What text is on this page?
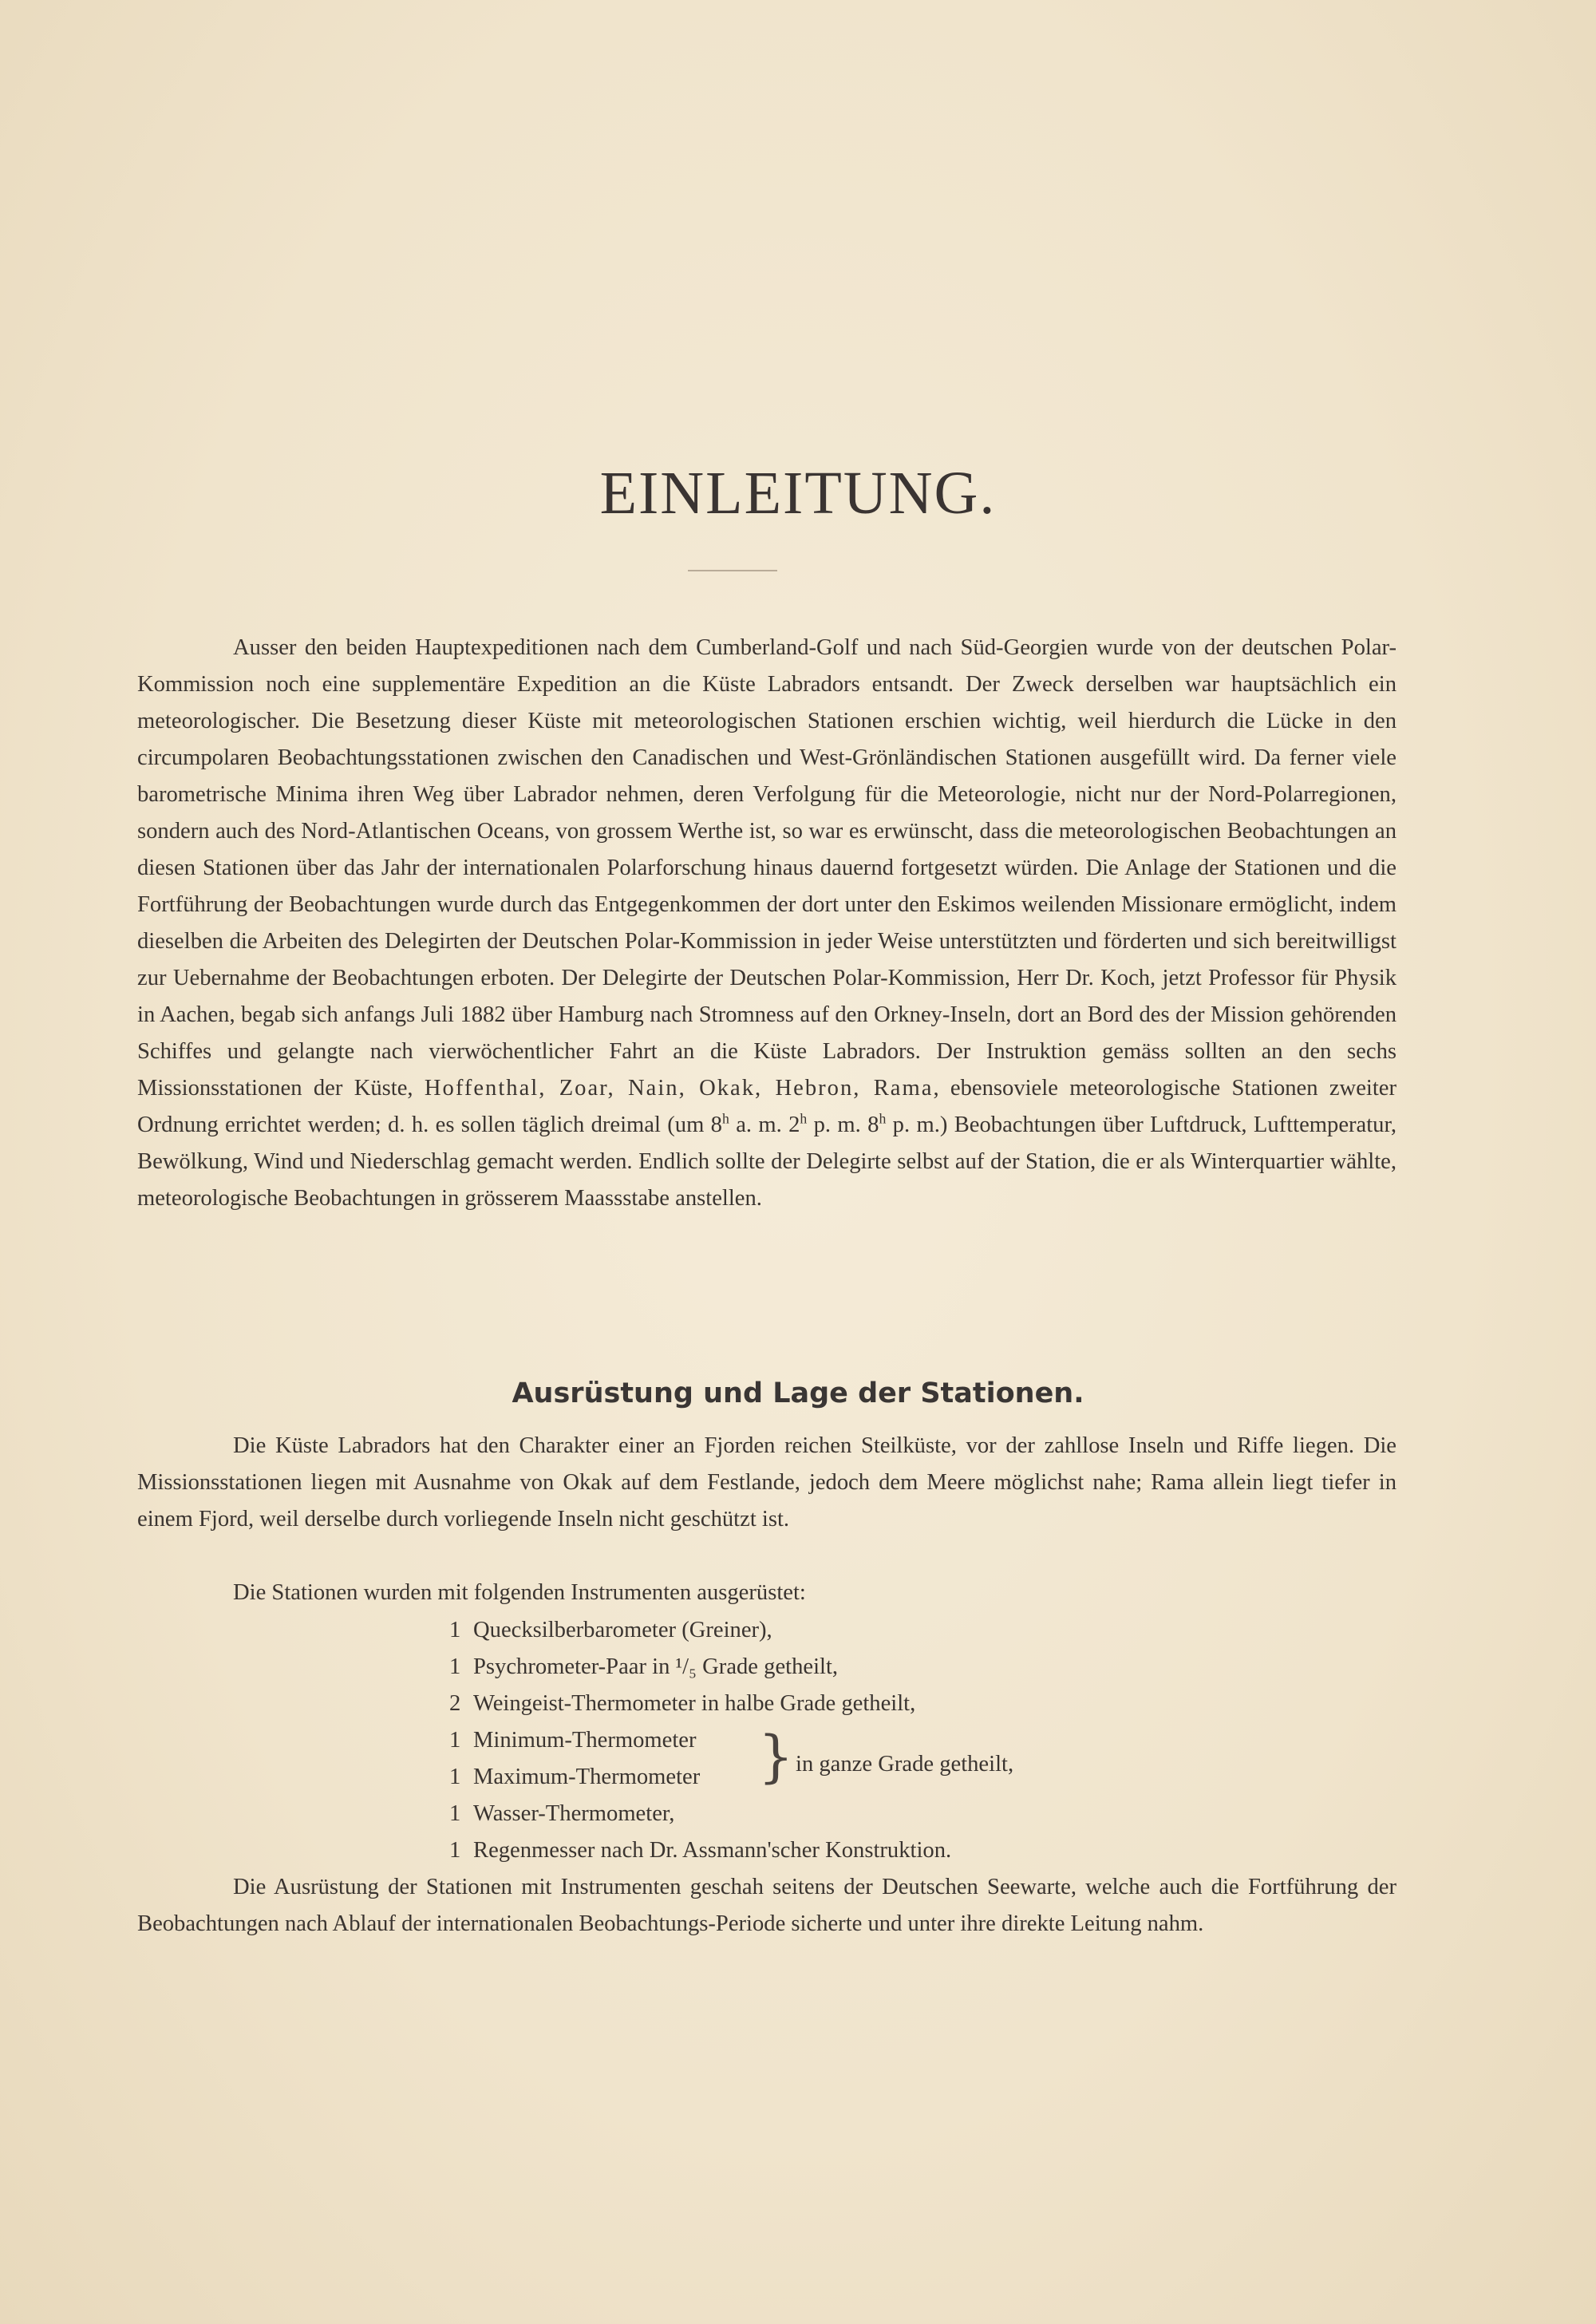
EINLEITUNG.

Ausser den beiden Hauptexpeditionen nach dem Cumberland-Golf und nach Süd-Georgien wurde von der deutschen Polar-Kommission noch eine supplementäre Expedition an die Küste Labradors entsandt. Der Zweck derselben war hauptsächlich ein meteorologischer. Die Besetzung dieser Küste mit meteorologischen Stationen erschien wichtig, weil hierdurch die Lücke in den circumpolaren Beobachtungsstationen zwischen den Canadischen und West-Grönländischen Stationen ausgefüllt wird. Da ferner viele barometrische Minima ihren Weg über Labrador nehmen, deren Verfolgung für die Meteorologie, nicht nur der Nord-Polarregionen, sondern auch des Nord-Atlantischen Oceans, von grossem Werthe ist, so war es erwünscht, dass die meteorologischen Beobachtungen an diesen Stationen über das Jahr der internationalen Polarforschung hinaus dauernd fortgesetzt würden. Die Anlage der Stationen und die Fortführung der Beobachtungen wurde durch das Entgegenkommen der dort unter den Eskimos weilenden Missionare ermöglicht, indem dieselben die Arbeiten des Delegirten der Deutschen Polar-Kommission in jeder Weise unterstützten und förderten und sich bereitwilligst zur Uebernahme der Beobachtungen erboten. Der Delegirte der Deutschen Polar-Kommission, Herr Dr. Koch, jetzt Professor für Physik in Aachen, begab sich anfangs Juli 1882 über Hamburg nach Stromness auf den Orkney-Inseln, dort an Bord des der Mission gehörenden Schiffes und gelangte nach vierwöchentlicher Fahrt an die Küste Labradors. Der Instruktion gemäss sollten an den sechs Missionsstationen der Küste, Hoffenthal, Zoar, Nain, Okak, Hebron, Rama, ebensoviele meteorologische Stationen zweiter Ordnung errichtet werden; d. h. es sollen täglich dreimal (um 8$^h$ a. m. 2$^h$ p. m. 8$^h$ p. m.) Beobachtungen über Luftdruck, Lufttemperatur, Bewölkung, Wind und Niederschlag gemacht werden. Endlich sollte der Delegirte selbst auf der Station, die er als Winterquartier wählte, meteorologische Beobachtungen in grösserem Maassstabe anstellen.

Ausrüstung und Lage der Stationen.

Die Küste Labradors hat den Charakter einer an Fjorden reichen Steilküste, vor der zahllose Inseln und Riffe liegen. Die Missionsstationen liegen mit Ausnahme von Okak auf dem Festlande, jedoch dem Meere möglichst nahe; Rama allein liegt tiefer in einem Fjord, weil derselbe durch vorliegende Inseln nicht geschützt ist.

Die Stationen wurden mit folgenden Instrumenten ausgerüstet:

1 Quecksilberbarometer (Greiner),
1 Psychrometer-Paar in ¹/₅ Grade getheilt,
2 Weingeist-Thermometer in halbe Grade getheilt,
1 Minimum-Thermometer
1 Maximum-Thermometer
1 Wasser-Thermometer,
1 Regenmesser nach Dr. Assmann'scher Konstruktion.
} in ganze Grade getheilt,

Die Ausrüstung der Stationen mit Instrumenten geschah seitens der Deutschen Seewarte, welche auch die Fortführung der Beobachtungen nach Ablauf der internationalen Beobachtungs-Periode sicherte und unter ihre direkte Leitung nahm.
